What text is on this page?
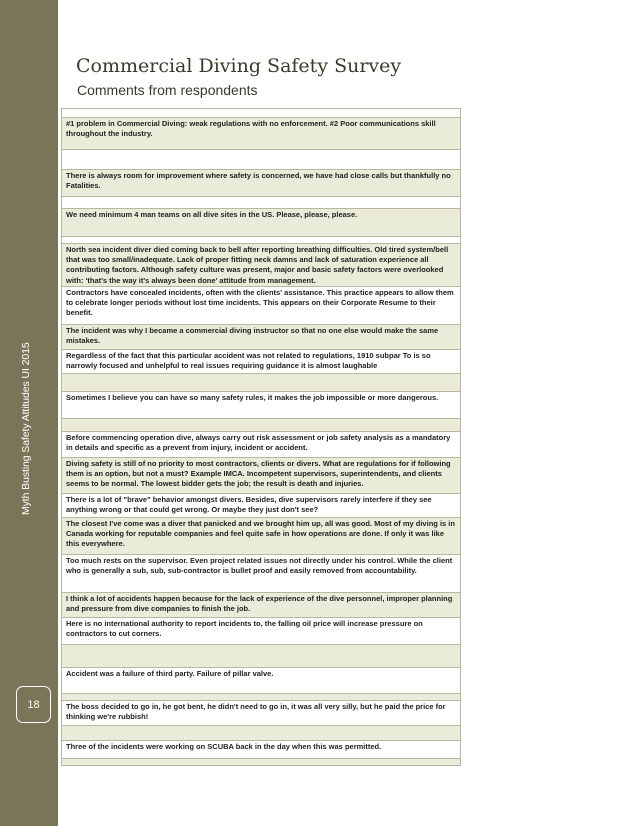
Myth Busting Safety Attitudes UI 2015
18
Commercial Diving Safety Survey
Comments from respondents
#1 problem in Commercial Diving: weak regulations with no enforcement. #2 Poor communications skill throughout the industry.
There is always room for improvement where safety is concerned, we have had close calls but thankfully no Fatalities.
We need minimum 4 man teams on all dive sites in the US. Please, please, please.
North sea incident diver died coming back to bell after reporting breathing difficulties. Old tired system/bell that was too small/inadequate. Lack of proper fitting neck damns and lack of saturation experience all contributing factors. Although safety culture was present, major and basic safety factors were overlooked with: 'that's the way it's always been done' attitude from management.
Contractors have concealed incidents, often with the clients' assistance. This practice appears to allow them to celebrate longer periods without lost time incidents. This appears on their Corporate Resume to their benefit.
The incident was why I became a commercial diving instructor so that no one else would make the same mistakes.
Regardless of the fact that this particular accident was not related to regulations, 1910 subpar To is so narrowly focused and unhelpful to real issues requiring guidance it is almost laughable
Sometimes I believe you can have so many safety rules, it makes the job impossible or more dangerous.
Before commencing operation dive, always carry out risk assessment or job safety analysis as a mandatory in details and specific as a prevent from injury, incident or accident.
Diving safety is still of no priority to most contractors, clients or divers. What are regulations for if following them is an option, but not a must? Example IMCA. Incompetent supervisors, superintendents, and clients seems to be normal. The lowest bidder gets the job; the result is death and injuries.
There is a lot of "brave" behavior amongst divers. Besides, dive supervisors rarely interfere if they see anything wrong or that could get wrong. Or maybe they just don't see?
The closest I've come was a diver that panicked and we brought him up, all was good. Most of my diving is in Canada working for reputable companies and feel quite safe in how operations are done. If only it was like this everywhere.
Too much rests on the supervisor. Even project related issues not directly under his control. While the client who is generally a sub, sub, sub-contractor is bullet proof and easily removed from accountability.
I think a lot of accidents happen because for the lack of experience of the dive personnel, improper planning and pressure from dive companies to finish the job.
Here is no international authority to report incidents to, the falling oil price will increase pressure on contractors to cut corners.
Accident was a failure of third party. Failure of pillar valve.
The boss decided to go in, he got bent, he didn't need to go in, it was all very silly, but he paid the price for thinking we're rubbish!
Three of the incidents were working on SCUBA back in the day when this was permitted.
